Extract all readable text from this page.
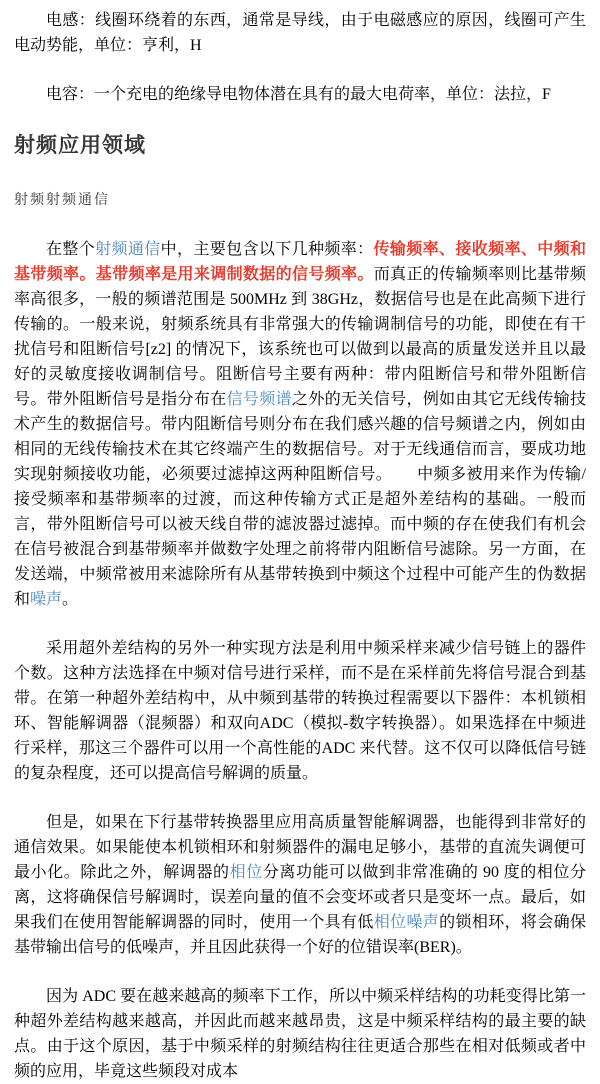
电感：线圈环绕着的东西，通常是导线，由于电磁感应的原因，线圈可产生电动势能，单位：亨利，H

电容：一个充电的绝缘导电物体潜在具有的最大电荷率，单位：法拉，F

射频应用领域
射频射频通信

在整个射频通信中，主要包含以下几种频率：传输频率、接收频率、中频和基带频率。基带频率是用来调制数据的信号频率。而真正的传输频率则比基带频率高很多，一般的频谱范围是 500MHz 到 38GHz，数据信号也是在此高频下进行传输的。一般来说，射频系统具有非常强大的传输调制信号的功能，即使在有干扰信号和阻断信号[z2] 的情况下，该系统也可以做到以最高的质量发送并且以最好的灵敏度接收调制信号。阻断信号主要有两种：带内阻断信号和带外阻断信号。带外阻断信号是指分布在信号频谱之外的无关信号，例如由其它无线传输技术产生的数据信号。带内阻断信号则分布在我们感兴趣的信号频谱之内，例如由相同的无线传输技术在其它终端产生的数据信号。对于无线通信而言，要成功地实现射频接收功能，必须要过滤掉这两种阻断信号。　　中频多被用来作为传输/接受频率和基带频率的过渡，而这种传输方式正是超外差结构的基础。一般而言，带外阻断信号可以被天线自带的滤波器过滤掉。而中频的存在使我们有机会在信号被混合到基带频率并做数字处理之前将带内阻断信号滤除。另一方面，在发送端，中频常被用来滤除所有从基带转换到中频这个过程中可能产生的伪数据和噪声。

采用超外差结构的另外一种实现方法是利用中频采样来减少信号链上的器件个数。这种方法选择在中频对信号进行采样，而不是在采样前先将信号混合到基带。在第一种超外差结构中，从中频到基带的转换过程需要以下器件：本机锁相环、智能解调器（混频器）和双向ADC（模拟-数字转换器）。如果选择在中频进行采样，那这三个器件可以用一个高性能的ADC 来代替。这不仅可以降低信号链的复杂程度，还可以提高信号解调的质量。

但是，如果在下行基带转换器里应用高质量智能解调器，也能得到非常好的通信效果。如果能使本机锁相环和射频器件的漏电足够小，基带的直流失调便可最小化。除此之外，解调器的相位分离功能可以做到非常准确的 90 度的相位分离，这将确保信号解调时，误差向量的值不会变坏或者只是变坏一点。最后，如果我们在使用智能解调器的同时，使用一个具有低相位噪声的锁相环，将会确保基带输出信号的低噪声，并且因此获得一个好的位错误率(BER)。

因为 ADC 要在越来越高的频率下工作，所以中频采样结构的功耗变得比第一种超外差结构越来越高，并因此而越来越昂贵，这是中频采样结构的最主要的缺点。由于这个原因，基于中频采样的射频结构往往更适合那些在相对低频或者中频的应用，毕竟这些频段对成本
